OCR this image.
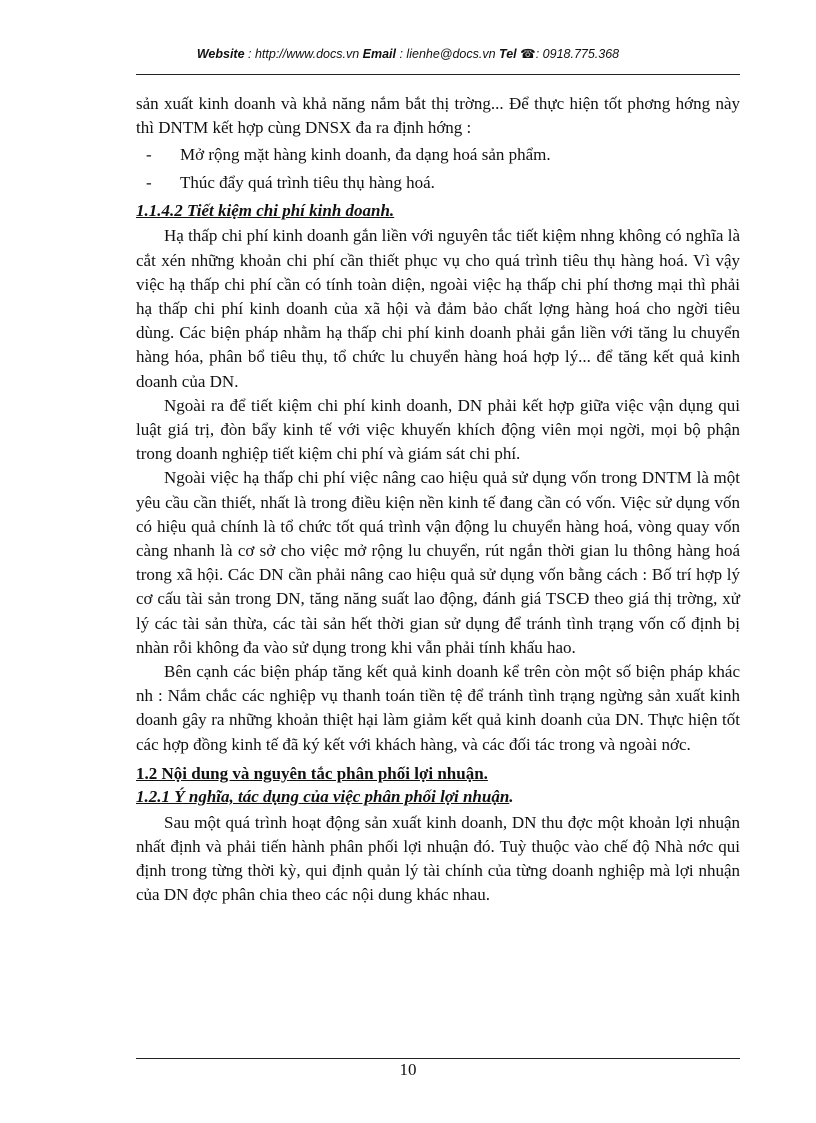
Website : http://www.docs.vn Email : lienhe@docs.vn Tel ☎: 0918.775.368

sản xuất kinh doanh và khả năng nắm bắt thị trờng... Để thực hiện tốt phơng hớng này thì DNTM kết hợp cùng DNSX đa ra định hớng :

-	Mở rộng mặt hàng kinh doanh, đa dạng hoá sản phẩm.
-	Thúc đẩy quá trình tiêu thụ hàng hoá.
1.1.4.2 Tiết kiệm chi phí kinh doanh.

Hạ thấp chi phí kinh doanh gắn liền với nguyên tắc tiết kiệm nhng không có nghĩa là cắt xén những khoản chi phí cần thiết phục vụ cho quá trình tiêu thụ hàng hoá. Vì vậy việc hạ thấp chi phí cần có tính toàn diện, ngoài việc hạ thấp chi phí thơng mại thì phải hạ thấp chi phí kinh doanh của xã hội và đảm bảo chất lợng hàng hoá cho ngời tiêu dùng. Các biện pháp nhằm hạ thấp chi phí kinh doanh phải gắn liền với tăng lu chuyển hàng hóa, phân bổ tiêu thụ, tổ chức lu chuyển hàng hoá hợp lý... để tăng kết quả kinh doanh của DN.

Ngoài ra để tiết kiệm chi phí kinh doanh, DN phải kết hợp giữa việc vận dụng qui luật giá trị, đòn bẩy kinh tế với việc khuyến khích động viên mọi ngời, mọi bộ phận trong doanh nghiệp tiết kiệm chi phí và giám sát chi phí.

Ngoài việc hạ thấp chi phí việc nâng cao hiệu quả sử dụng vốn trong DNTM là một yêu cầu cần thiết, nhất là trong điều kiện nền kinh tế đang cần có vốn. Việc sử dụng vốn có hiệu quả chính là tổ chức tốt quá trình vận động lu chuyển hàng hoá, vòng quay vốn càng nhanh là cơ sở cho việc mở rộng lu chuyển, rút ngắn thời gian lu thông hàng hoá trong xã hội. Các DN cần phải nâng cao hiệu quả sử dụng vốn bằng cách : Bố trí hợp lý cơ cấu tài sản trong DN, tăng năng suất lao động, đánh giá TSCĐ theo giá thị trờng, xử lý các tài sản thừa, các tài sản hết thời gian sử dụng để tránh tình trạng vốn cố định bị nhàn rỗi không đa vào sử dụng trong khi vẫn phải tính khấu hao.

Bên cạnh các biện pháp tăng kết quả kinh doanh kể trên còn một số biện pháp khác nh : Nắm chắc các nghiệp vụ thanh toán tiền tệ để tránh tình trạng ngừng sản xuất kinh doanh gây ra những khoản thiệt hại làm giảm kết quả kinh doanh của DN. Thực hiện tốt các hợp đồng kinh tế đã ký kết với khách hàng, và các đối tác trong và ngoài nớc.

1.2 Nội dung và nguyên tắc phân phối lợi nhuận.
1.2.1 Ý nghĩa, tác dụng của việc phân phối lợi nhuận.

Sau một quá trình hoạt động sản xuất kinh doanh, DN thu đợc một khoản lợi nhuận nhất định và phải tiến hành phân phối lợi nhuận đó. Tuỳ thuộc vào chế độ Nhà nớc qui định trong từng thời kỳ, qui định quản lý tài chính của từng doanh nghiệp mà lợi nhuận của DN đợc phân chia theo các nội dung khác nhau.

10
